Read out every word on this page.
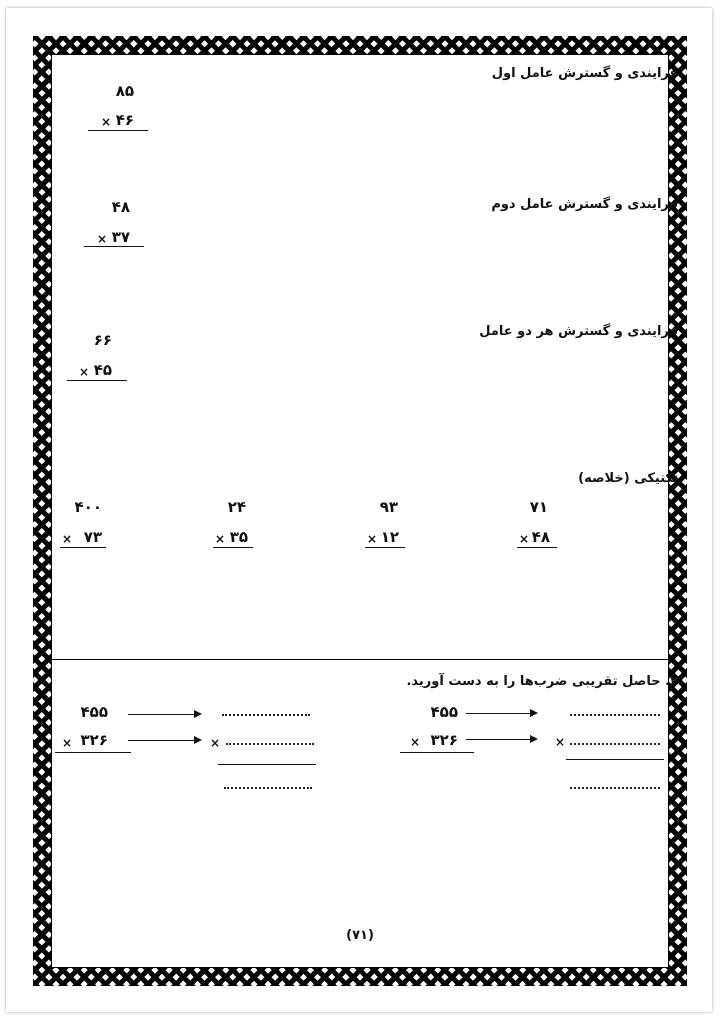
فرایندی و گسترش عامل اول
۸۵
× ۴۶
فرایندی و گسترش عامل دوم
۴۸
× ۳۷
فرایندی و گسترش هر دو عامل
۶۶
× ۴۵
تکنیکی (خلاصه)
۷۱
× ۴۸
۹۳
× ۱۲
۲۴
× ۳۵
۴۰۰
× ۷۳
۳. حاصل تقریبی ضرب‌ها را به دست آورید.
۴۵۵
× ۳۲۶	×
۴۵۵
× ۳۲۶	×
(۷۱)
